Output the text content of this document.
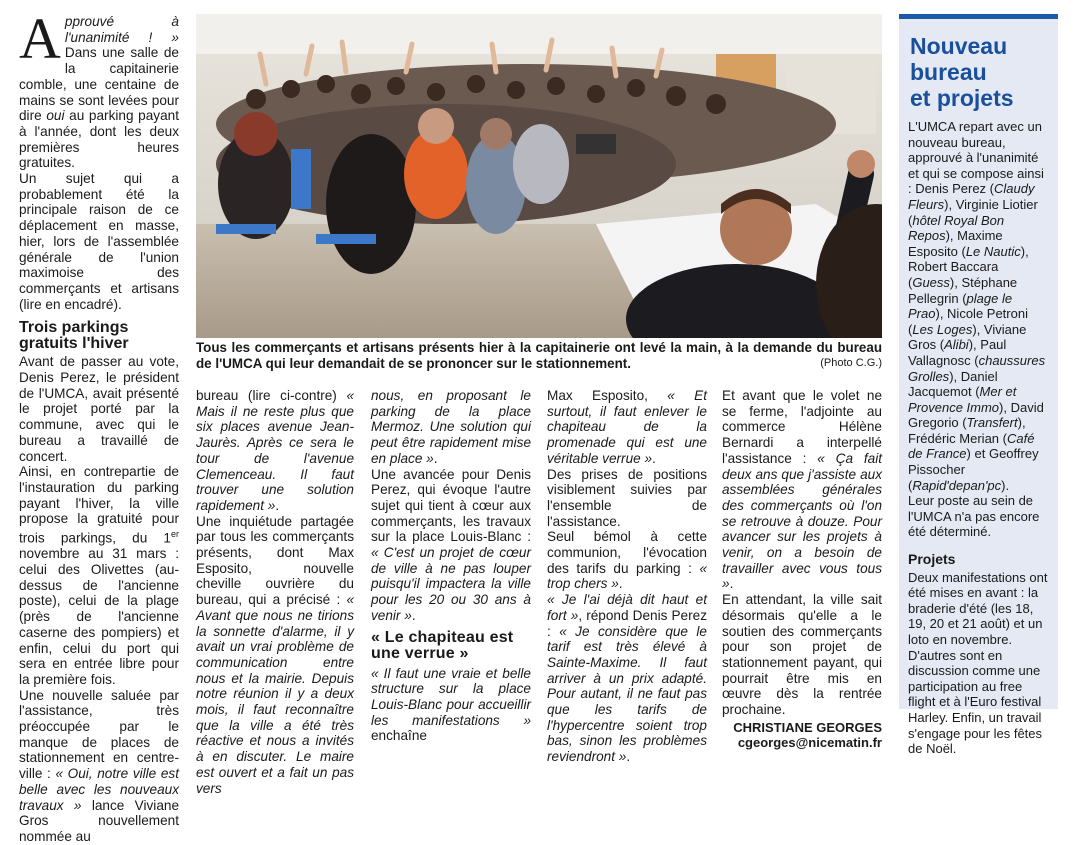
Approuvé à l'unanimité ! » Dans une salle de la capitainerie comble, une centaine de mains se sont levées pour dire oui au parking payant à l'année, dont les deux premières heures gratuites.

Un sujet qui a probablement été la principale raison de ce déplacement en masse, hier, lors de l'assemblée générale de l'union maximoise des commerçants et artisans (lire en encadré).

Trois parkings gratuits l'hiver

Avant de passer au vote, Denis Perez, le président de l'UMCA, avait présenté le projet porté par la commune, avec qui le bureau a travaillé de concert.

Ainsi, en contrepartie de l'instauration du parking payant l'hiver, la ville propose la gratuité pour trois parkings, du 1er novembre au 31 mars : celui des Olivettes (au-dessus de l'ancienne poste), celui de la plage (près de l'ancienne caserne des pompiers) et enfin, celui du port qui sera en entrée libre pour la première fois.

Une nouvelle saluée par l'assistance, très préoccupée par le manque de places de stationnement en centre-ville : « Oui, notre ville est belle avec les nouveaux travaux » lance Viviane Gros nouvellement nommée au

Tous les commerçants et artisans présents hier à la capitainerie ont levé la main, à la demande du bureau de l'UMCA qui leur demandait de se prononcer sur le stationnement.	(Photo C.G.)

bureau (lire ci-contre) « Mais il ne reste plus que six places avenue Jean-Jaurès. Après ce sera le tour de l'avenue Clemenceau. Il faut trouver une solution rapidement ».

Une inquiétude partagée par tous les commerçants présents, dont Max Esposito, nouvelle cheville ouvrière du bureau, qui a précisé : « Avant que nous ne tirions la sonnette d'alarme, il y avait un vrai problème de communication entre nous et la mairie. Depuis notre réunion il y a deux mois, il faut reconnaître que la ville a été très réactive et nous a invités à en discuter. Le maire est ouvert et a fait un pas vers

nous, en proposant le parking de la place Mermoz. Une solution qui peut être rapidement mise en place ».

Une avancée pour Denis Perez, qui évoque l'autre sujet qui tient à cœur aux commerçants, les travaux sur la place Louis-Blanc : « C'est un projet de cœur de ville à ne pas louper puisqu'il impactera la ville pour les 20 ou 30 ans à venir ».

« Le chapiteau est une verrue »

« Il faut une vraie et belle structure sur la place Louis-Blanc pour accueillir les manifestations » enchaîne

Max Esposito, « Et surtout, il faut enlever le chapiteau de la promenade qui est une véritable verrue ».

Des prises de positions visiblement suivies par l'ensemble de l'assistance.

Seul bémol à cette communion, l'évocation des tarifs du parking : « trop chers ».

« Je l'ai déjà dit haut et fort », répond Denis Perez : « Je considère que le tarif est très élevé à Sainte-Maxime. Il faut arriver à un prix adapté. Pour autant, il ne faut pas que les tarifs de l'hypercentre soient trop bas, sinon les problèmes reviendront ».

Et avant que le volet ne se ferme, l'adjointe au commerce Hélène Bernardi a interpellé l'assistance : « Ça fait deux ans que j'assiste aux assemblées générales des commerçants où l'on se retrouve à douze. Pour avancer sur les projets à venir, on a besoin de travailler avec vous tous ».

En attendant, la ville sait désormais qu'elle a le soutien des commerçants pour son projet de stationnement payant, qui pourrait être mis en œuvre dès la rentrée prochaine.

CHRISTIANE GEORGES
cgeorges@nicematin.fr
Nouveau
bureau
et projets

L'UMCA repart avec un nouveau bureau, approuvé à l'unanimité et qui se compose ainsi : Denis Perez (Claudy Fleurs), Virginie Liotier (hôtel Royal Bon Repos), Maxime Esposito (Le Nautic), Robert Baccara (Guess), Stéphane Pellegrin (plage le Prao), Nicole Petroni (Les Loges), Viviane Gros (Alibi), Paul Vallagnosc (chaussures Grolles), Daniel Jacquemot (Mer et Provence Immo), David Gregorio (Transfert), Frédéric Merian (Café de France) et Geoffrey Pissocher (Rapid'depan'pc).

Leur poste au sein de l'UMCA n'a pas encore été déterminé.

Projets

Deux manifestations ont été mises en avant : la braderie d'été (les 18, 19, 20 et 21 août) et un loto en novembre.

D'autres sont en discussion comme une participation au free flight et à l'Euro festival Harley. Enfin, un travail s'engage pour les fêtes de Noël.
